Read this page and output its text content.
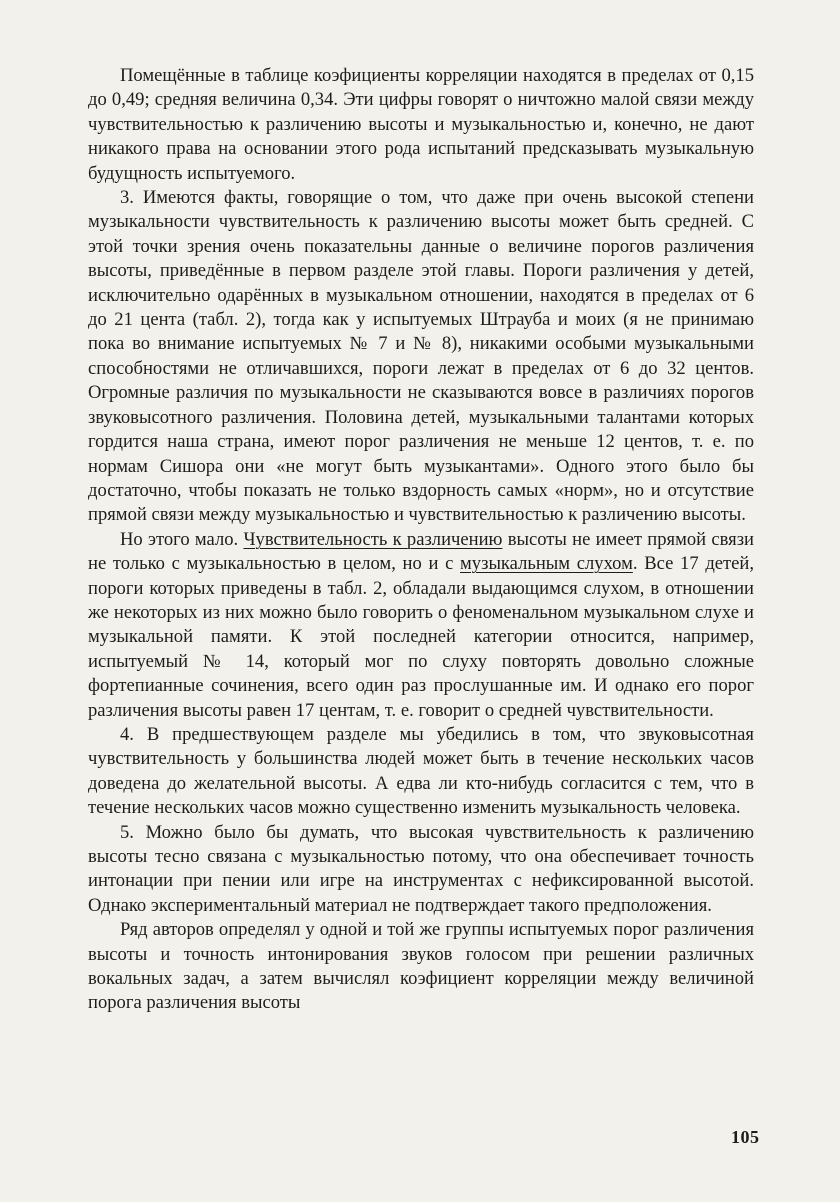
Помещённые в таблице коэфициенты корреляции находятся в пределах от 0,15 до 0,49; средняя величина 0,34. Эти цифры говорят о ничтожно малой связи между чувствительностью к различению высоты и музыкальностью и, конечно, не дают никакого права на основании этого рода испытаний предсказывать музыкальную будущность испытуемого.

3. Имеются факты, говорящие о том, что даже при очень высокой степени музыкальности чувствительность к различению высоты может быть средней. С этой точки зрения очень показательны данные о величине порогов различения высоты, приведённые в первом разделе этой главы. Пороги различения у детей, исключительно одарённых в музыкальном отношении, находятся в пределах от 6 до 21 цента (табл. 2), тогда как у испытуемых Штрауба и моих (я не принимаю пока во внимание испытуемых № 7 и № 8), никакими особыми музыкальными способностями не отличавшихся, пороги лежат в пределах от 6 до 32 центов. Огромные различия по музыкальности не сказываются вовсе в различиях порогов звуковысотного различения. Половина детей, музыкальными талантами которых гордится наша страна, имеют порог различения не меньше 12 центов, т. е. по нормам Сишора они «не могут быть музыкантами». Одного этого было бы достаточно, чтобы показать не только вздорность самых «норм», но и отсутствие прямой связи между музыкальностью и чувствительностью к различению высоты.

Но этого мало. Чувствительность к различению высоты не имеет прямой связи не только с музыкальностью в целом, но и с музыкальным слухом. Все 17 детей, пороги которых приведены в табл. 2, обладали выдающимся слухом, в отношении же некоторых из них можно было говорить о феноменальном музыкальном слухе и музыкальной памяти. К этой последней категории относится, например, испытуемый № 14, который мог по слуху повторять довольно сложные фортепианные сочинения, всего один раз прослушанные им. И однако его порог различения высоты равен 17 центам, т. е. говорит о средней чувствительности.

4. В предшествующем разделе мы убедились в том, что звуковысотная чувствительность у большинства людей может быть в течение нескольких часов доведена до желательной высоты. А едва ли кто-нибудь согласится с тем, что в течение нескольких часов можно существенно изменить музыкальность человека.

5. Можно было бы думать, что высокая чувствительность к различению высоты тесно связана с музыкальностью потому, что она обеспечивает точность интонации при пении или игре на инструментах с нефиксированной высотой. Однако экспериментальный материал не подтверждает такого предположения.

Ряд авторов определял у одной и той же группы испытуемых порог различения высоты и точность интонирования звуков голосом при решении различных вокальных задач, а затем вычислял коэфициент корреляции между величиной порога различения высоты

105
